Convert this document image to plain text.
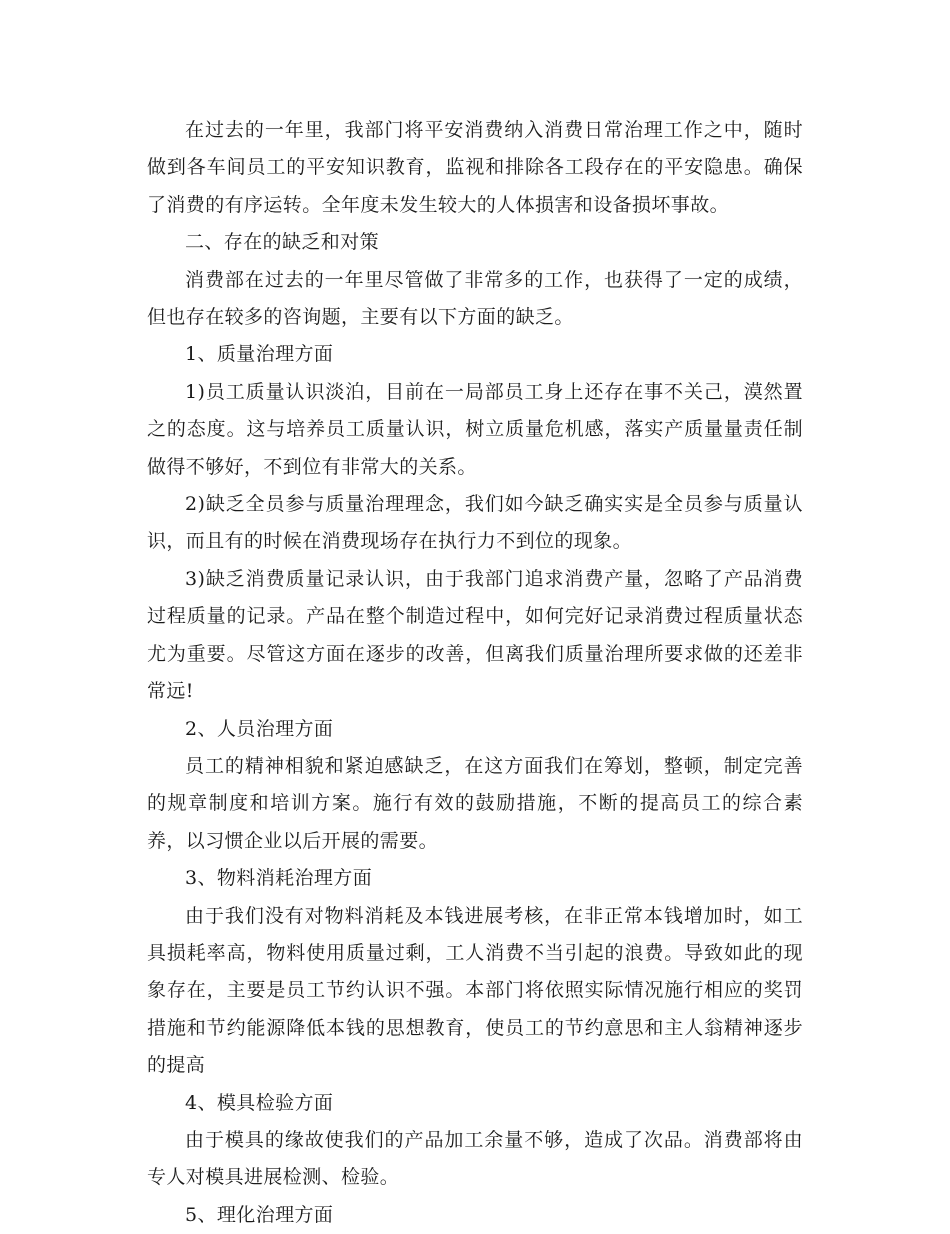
在过去的一年里，我部门将平安消费纳入消费日常治理工作之中，随时做到各车间员工的平安知识教育，监视和排除各工段存在的平安隐患。确保了消费的有序运转。全年度未发生较大的人体损害和设备损坏事故。

二、存在的缺乏和对策

消费部在过去的一年里尽管做了非常多的工作，也获得了一定的成绩，但也存在较多的咨询题，主要有以下方面的缺乏。

1、质量治理方面

1)员工质量认识淡泊，目前在一局部员工身上还存在事不关己，漠然置之的态度。这与培养员工质量认识，树立质量危机感，落实产质量量责任制做得不够好，不到位有非常大的关系。

2)缺乏全员参与质量治理理念，我们如今缺乏确实实是全员参与质量认识，而且有的时候在消费现场存在执行力不到位的现象。

3)缺乏消费质量记录认识，由于我部门追求消费产量，忽略了产品消费过程质量的记录。产品在整个制造过程中，如何完好记录消费过程质量状态尤为重要。尽管这方面在逐步的改善，但离我们质量治理所要求做的还差非常远!

2、人员治理方面

员工的精神相貌和紧迫感缺乏，在这方面我们在筹划，整顿，制定完善的规章制度和培训方案。施行有效的鼓励措施，不断的提高员工的综合素养，以习惯企业以后开展的需要。

3、物料消耗治理方面

由于我们没有对物料消耗及本钱进展考核，在非正常本钱增加时，如工具损耗率高，物料使用质量过剩，工人消费不当引起的浪费。导致如此的现象存在，主要是员工节约认识不强。本部门将依照实际情况施行相应的奖罚措施和节约能源降低本钱的思想教育，使员工的节约意思和主人翁精神逐步的提高

4、模具检验方面

由于模具的缘故使我们的产品加工余量不够，造成了次品。消费部将由专人对模具进展检测、检验。

5、理化治理方面
